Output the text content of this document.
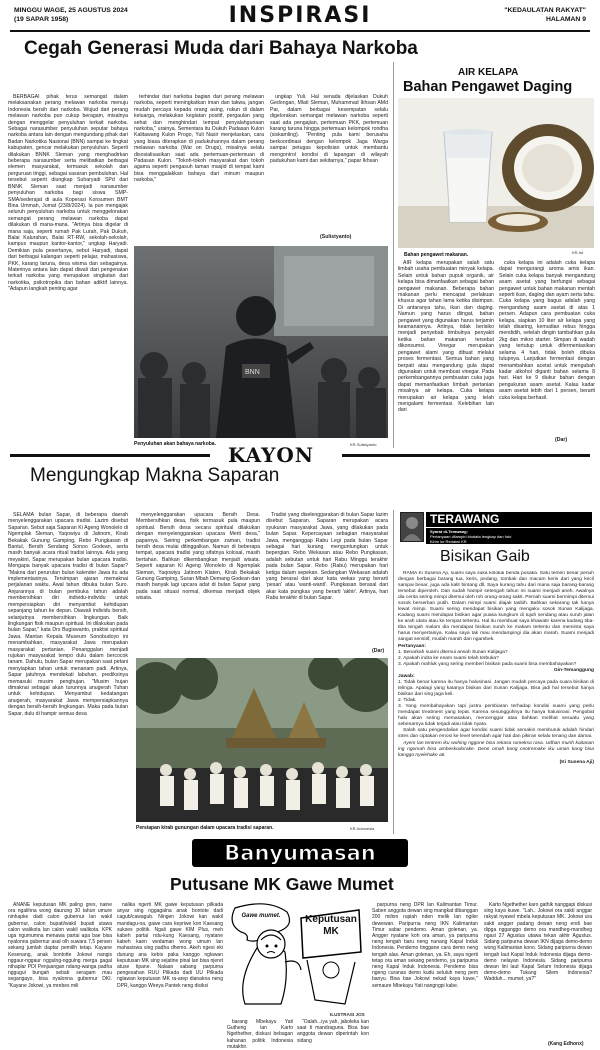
MINGGU WAGE, 25 AGUSTUS 2024
(19 SAPAR 1958)	INSPIRASI	"KEDAULATAN RAKYAT"
HALAMAN 9
Cegah Generasi Muda dari Bahaya Narkoba

BERBAGAI pihak terus semangat dalam melaksanakan perang melawan narkoba menuju Indonesia bersih dari narkoba. Wujud dari perang melawan narkoba pun cukup beragam, misalnya dengan menggelar penyuluhan terkait narkoba. Sebagai narasumber penyuluhan seputar bahaya narkoba antara lain dengan mengundang pihak dari Badan Narkotika Nasional (BNN) sampai ke tingkat kabupaten, gencar melakukan penyuluhan. Seperti dilakukan BNNK Sleman yang menghadirkan beberapa narasumber serta melibatkan berbagai elemen masyarakat, termasuk sekolah dan perguruan tinggi, sebagai sasaran pembuluhan. Hal tersebut seperti diungkap Suharyadi SPd dari BNNK Sleman saat menjadi narasumber penyuluhan narkoba bagi siswa SMP-SMA/sederajat di aula Koperasi Konsumen BMT Bina Ummah, Jumat (23/8/2024). Ia pun mengajak seluruh penyuluhan narkoba untuk menggelorakan semangat perang melawan narkoba dapat dilakukan di mana-mana. "Artinya bisa digelar di mana saja, seperti rumah Pak Lurah, Pak Dukuh, Balai Kalurahan, Balai RT-RW, sekolah-sekolah, kampus maupun kantor-kantor," ungkap Haryadi. Demikian pula pesertanya, sebut Haryadi, dapat dari berbagai kalangan seperti pelajar, mahasiswa, PKK, karang taruna, desa wisma dan sebagainya. Materinya antara lain dapat diwali dari pengenalan terkait narkoba yang merupakan singkatan dari narkotika, psikotropika dan bahan adiktif lainnya. "Adapun langkah penting agar

terhindar dari narkoba bagian dari perang melawan narkoba, seperti meningkatkan iman dan takwa, jangan mudah percaya kepada orang asing, rukun di dalam keluarga, melakukan kegiatan positif, pergaulan yang sehat dan menghindari tempat penyalahgunaan narkoba," urainya. Sementara itu Dukuh Padasan Kulon Kalitawang Kulon Progo, Yuli Nasir menjelaskan, cara yang biasa diterapkan di padukuhannya dalam perang melawan narkoba (War on Drugs), misalnya selalu disosialisasikan saat ada pertemuan-pertemuan di Padasan Kulon. "Tokoh-tokoh masyarakat dan tokoh agama seperti pengasuh taman masjid di tempat kami bisa menggalakkan bahaya dari minum maupun narkoba,"

ungkap Yuli. Hal senada dijelaskan Dukuh Gedongan, Mlati Sleman, Muhammad Ikhsan AMd Par, dalam berbagai kesempatan selalu digelorakan semangat melawan narkoba seperti saat ada pengajian, pertemuan PKK, pertemuan karang taruna hingga pertemuan kelompok rondha (siskamling). "Penting pula kami berusaha berkoordinasi dengan kelompok Jaga Warga sampai petugas kepolisian untuk membantu mengontrol kondisi di lapangan di wilayah padukuhan kami dan sekitarnya," papar Ikhsan

(Sulistyanto)
BNN
Penyuluhan akan bahaya narkoba.	KR-Sulistyanto
AIR KELAPA
Bahan Pengawet Daging
Bahan pengawet makanan.	KR-Ist

AIR kelapa merupakan salah satu limbah usaha pembuatan minyak kelapa. Selain untuk bahan pupuk organik, air kelapa bisa dimanfaatkan sebagai bahan pengawet makanan. Beberapa bahan makanan perlu mencapat perlakuan khusus agar tahan lama ketika disimpan. Di antaranya tahu, ikan dan daging. Namun yang harus diingat, bahan pengawet yang digunakan harus terjamin keamanannya. Artinya, tidak berisiko menjadi penyebab timbulnya penyakit ketika bahan makanan tersebut dikonsumsi. Vinegar merupakan pengawet alami yang dibuat melalui proses fermentasi. Semua bahan yang berpati atau mengandung gula dapat digunakan untuk membuat vinegar. Pada perkembangannya pembuatan cuka juga dapat memanfaatkan limbah pertanian misalnya air kelapa. Cuka kelapa merupakan air kelapa yang telah mengalami fermentasi. Kelebihan lain dari

cuka kelapa ini adalah cuka kelapa dapat mengurangi aroma amis ikan. Selain cuka kelapa banyak mengandung asam asetat yang berfungsi sebagai pengawet untuk bahan makanan mentah seperti ikan, daging dan ayam serta tahu. Cuka kelapa yang bagus adalah yang mengandung asam asetat di atas 1 persen. Adapun cara pembuatan cuka kelapa, siapkan 10 liter air kelapa yang telah disaring, kemudian rebus hingga mendidih, setelah dingin tambahkan gula 2kg dan mikro starter. Simpan di wadah yang tertutup untuk difermentasikan selama 4 hari, tidak boleh dibuka tutupnya. Lanjutkan fermentasi dengan menambahkan acetat untuk mengubah kadar alkohol diganti bahan selama 8 hari. Hari ke 9 diukur bahan dengan pengukuran asam asetat. Kalau kadar asam asetat lebih dari 1 persen, berarti cuka kelapa berhasil.

(Dar)
KAYON
Mengungkap Makna Saparan

SELAMA bulan Sapar, di beberapa daerah menyelenggarakan upacara tradisi. Lazim disebut Saparan. Sebut saja Saparan Ki Ageng Wonolelo di Ngemplak Sleman, Yaqowiyu di Jatinom, Kirab Bekakak Gunung Gamping, Rebo Pungkasan di Bantul, Bersih Sendang Sonoo Godean, serta masih banyak acara ritual tradisi lainnya. Ada yang meyakini, Sapar merupakan bulan upacara tradisi. Mengapa banyak upacara tradisi di bulan Sapar? "Makna dari perurutan bulan kalender Jawa itu ada implementasinya. Tersimpan ajaran memaknai perjalanan waktu. Awal tahun dibuka bulan Suro. Anjurannya di bulan pembuka tahun adalah membersihkan diri individu-individu untuk mempersiapkan diri menyambut kehidupan sepanjang tahun ke depan. Diawali individu bersih, selanjutnya membersihkan lingkungan. Baik lingkungan fisik maupun spiritual. Ini dilakukan pada bulan Sapar," kata Drs Bugiswanto, praktisi spiritual Jawa. Mantan Kepala Museum Sonobudoyo ini menambahkan, masyarakat Jawa merupakan masyarakat pertanian. Penanggalan menjadi rujukan masyarakat tempo dulu dalam bercocok tanam. Dahulu, bulan Sapar merupakan saat petani menyiapkan tahan untuk menanam padi. Artinya, Sapar jatuhnya mendekati labuhan, prediksinya memasuki musim penghujan. "Musim hujan dimaknai sebagai akan turunnya anugerah Tuhan untuk kehidupan. Menyambut kedatangan anugerah, masyarakat Jawa mempersiapkannya dengan bersih-bersih lingkungan. Maka pada bulan Sapar, dulu di hampir semua desa

menyelenggarakan upacara Bersih Desa. Membersihkan desa, fisik termasuk pula maupun spiritual. Bersih desa secara spiritual dilakukan dengan menyelenggarakan upacara Merti desa," paparnya. Seiring perkembangan zaman, tradisi bersih desa mulai ditinggalkan. Namun di beberapa tempat, upacara tradisi yang sifatnya kolosal, masih bertahan. Bahkan dikembangkan menjadi wisata. Seperti saparan Ki Ageng Wonolelo di Ngemplak Sleman, Yaqowiyu Jatinom Klaten, Kirab Bekakak Gunung Gamping, Suran Mbah Demang Godean dan masih banyak lagi upcara adat di bulan Sapar yang pada saat situasi normal, dikemas menjadi objek wisata.

Tradisi yang diselenggarakan di bulan Sapar lazim disebut Saparan. Saparan merupakan acara syukuran masyarakat Jawa, yang dilakukan pada bulan Sapar. Kepercayaan sebagian masyarakat Jawa, menganggap Rabu Legi pada bulan Sapar sebagai hari kurang menguntungkan untuk bepergian. Rebo Wekasan atau Rebo Pungkasan, adalah sebutan untuk hari Rabu Minggu terakhir pada bulan Sapar. Rebo (Rabu) merupakan hari ketiga dalam sepekan. Sedangkan Wekasan adalah yang berasal dari akar kata wekas yang berarti 'pesan' atau 'wanti-wanti'. Pungkasan berasal dari akar kata pungkas yang berarti 'akhir'. Artinya, hari Rabu terakhir di bulan Sapar.

(Dar)
Persiapan kirab gunungan dalam upacara tradisi saparan.	KR-Indonesia
TERAWANG
Syarat di-Terawang:
Pertanyaan dilampiri biodata lengkap dan foto
Kirim ke Redaksi KR
Bisikan Gaib

RAMA Ki Susena Aji, suami saya suka kolokai benda pusaka. Satu temen besar penuh dengan berbagai barang tua, keris, pedang, tombak dan macam keris dari yang kecil sampai besar, juga ada kalit bintang dll. Saya kurang tahu dari mana saja barang-barang tersebut diperoleh. Dan sudah hampir setengah tahun ini suami menjadi aneh. Awalnya dia cerita sering mimpi ditemui oleh roh orang-orang sakti. Pernah suami bermimpi ditemui sosok berserban putih. Dalam mimpi suami diajak tasbih. Bahkan sekarang tak hanya lewat mimpi. Suami sering mendapat bisikan yang mengaku sosok Sunan Kalijaga. Kadang suami mendapat bisikan agar puasa kungkum di tujuh sendang atau suruh jalan ke arah utara atau ke tempat tertentu. Hal itu membuat saya khawatir karena kadang tiba-tiba tengah malam dia mendapat bisikan suruh ke makam tertentu dan meminta saya harus menyertainya. Kalau saya tak mau mendampingi dia akan marah. Suami menjadi sangat sensitif, mudah marah dan ngambek.

Pertanyaan:
1. Benarkah suami ditemui arwah Sunan Kalijaga?
2. Apakah indra ke enam suami telah terbuka?
3. Apakah mahluk yang sering memberi bisikan pada suami bisa membahayakan?
Gin-Temanggung
Jawab:
1. Tidak benar karena itu hanya halusinasi. Jangan mudah percaya pada suara bisikan di telinga. Apalagi yang katanya bisikan dari Sunan Kalijaga. Bisa jadi hal tersebut hanya bisikan dari sing jaga keli.
2. Tidak.
3. Yang membahayakan tapi justru pembiaran terhadap kondisi suami yang perlu mendapat treatment yang tepat. Karena sesungguhnya itu hanya halusinasi. Pengobat halu akan sering memasakan, mencenggar atau bahkan melihat sesuatu yang sebenarnya tidak terjadi atau tidak nyata.

Salah satu pengendalian agar kondisi suami tidak semakin memburuk adalah hindari stres dan ciptakan emosi ke level terendah agar hati dan pikiran selalu tenang dan damai.

Ayem lan tentrem iku wohing nggone bisa rekasa rumeksa rasa. Udhan murih kaitanan ing ngomah bisa ambeskodorake. Dene omah kang ceotremake iku uman kang bisa kanggo nyelehake ati.

(Ki Susena Aji)
Banyumasan
Putusane MK Gawe Mumet

ANANE keputusan MK paling gres, naine ora ngalihna wong daurung 30 tahun umure ninhapke dadi calon gubernur lan wakil gubernur, calon bupati/wakil bupati utawa calon walikota lan calon wakil walikota. KPK uga ngumumna menawa partai apa bae bisa nyalonna gubernur asal olh suwara 7,5 persen sekang jumlah daptar pemilih tetap. Kayane Kesenang, anak bontotte Jokowi nangis nggaur-nggaur nggulng-nggulng merga gagal nthaplar PDI Penjuangan ndang-wanga padha nggugui bungah sebab seragam mau segangayo, bisa nyalonna gubernur DKI. "Kayane Jokowi, ya mrebes mili

nalika ngerti MK gawe keputusan pilkada anyar sing nggagalna anak bontote dadi cagub/cawagub. Ningen Jokowi kan wakil mandagu-na, gawe cara kepriwe kon Kaesang sukses politik. Ngali gawe KIM Plus, meh kabeh partai ndu-kung Kaesang, nyatane kabeh kaen wedaman wong umum lan mahasiswa sing padha dhemo. Akeh ngesi eki dunung ana kebis paka kanggo nglawan keputusan MK sing sejatine pinal lan bisa njeret atuse tipane. Nalaan sabang parpurna pengesahan RUU Pilkada dadi UU Pilkada nglawan keputusan MK ra-arep dianakna neng DPR, kanggo Wireya Pantek neng disiksi

Gawe mumet.	Keputusan MK
ILUSTRASI JOS

barang Mbekayu Yati Gutheng lan Karto Ngethether, diskusi bebagan kahanan politik Indonesia mutakhir.

"Oalah...iya yah, jaboleka kan saat ti mandraguna. Bisa bae anggota dewan diperintah kon sidang

parpurna neng DPR lan Kalimantan Timur. Saben anggota dewan sing mangkat dibanggan 200 milion rupiah nden melik lan ngiler dewewan. Paripurna neng IKN Kalimantan Timur sabar pendemo. Aman golenan, ya. Angger nyatane koh ora aman, ya paripurna neng tengah baru neng nunang Kapal Induk Indonesia. Pendemo tinggane cara demo neng tengah alas. Aman golenan, ya. Eh, saya ngerti tetap ora aman sekang pendemo, ya paripurna neng Kapal Induk Indonesia. Pendemo bisa ngeng curanas demo kudu seluluh neng pem banyu. Bisa bae Jokowi nekad kaya kuwe," semaure Mbekayu Yati nangngpi kabe.

Karto Ngethether karo gathik nanggapi diskusi sing kaya kuwe. "Lah.. Jokowi ora sakti anggar rakyat nyawel mbela keputusan MK. Jokowi ura sakti angger padang dewan neng endi bae dipga ngganggo demo ora mandheg-mandheg ngasi 27 Agustus utawa tekan akhir Agustus. Sidang paripurna dewan IKN dijaga demo-demo wong Kalimantan kono. Sidang paripurna dewan tengah laut Kapal Induk Indonesia dijaga demo-demo nelayan Indonesia. Sidang paripurna dewan lini laut Kapal Selam Indonesia dijaga demo-demo Tukang Silem Indonesia? Wadduh... mumet, ya?"

(Kang Edhonx)
